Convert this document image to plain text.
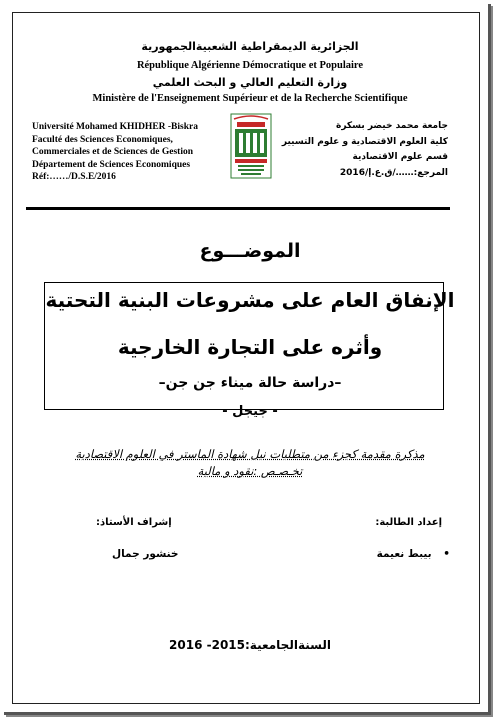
الجزائرية الديمقراطية الشعبيةالجمهورية
République Algérienne Démocratique et Populaire
وزارة التعليم العالي و البحث العلمي
Ministère de l'Enseignement Supérieur et de la Recherche Scientifique
Université Mohamed KHIDHER -Biskra
Faculté des Sciences Economiques,
Commerciales et de Sciences de Gestion
Département de Sciences Economiques
Réf:……/D.S.E/2016
جامعة محمد خيضر بسكرة
كلية العلوم الاقتصادية و علوم التسيير
قسم علوم الاقتصادية
المرجع:……/ق.ع.إ/2016
الموضـــوع
الإنفاق العام على مشروعات البنية التحتية
وأثره على التجارة الخارجية
–دراسة حالة ميناء جن جن–
- جيجل -
مذكرة مقدمة كجزء من متطلبات نيل شهادة الماستر في العلوم الاقتصادية
تخـصـص :نقود و مالية
إعداد الطالبة:
إشراف الأستاذ:
• بيبط نعيمة
خنشور جمال
السنةالجامعية:2015- 2016
